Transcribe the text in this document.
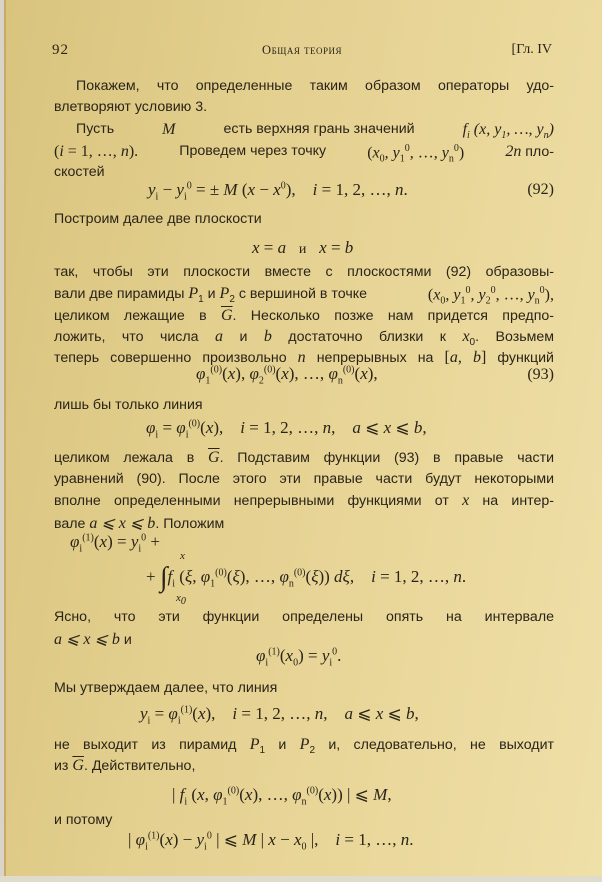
92	Общая теория	[Гл. IV
Покажем, что определенные таким образом операторы удо-
влетворяют условию 3.
Пусть	M	есть верхняя грань значений	$f_i$ (x, $y_1$, …, $y_n$)
(i = 1, …, n).	Проведем через точку	($x_0$, $y_1^0$, …, $y_n^0$)	2n пло-
скостей
$y_i - y_i^0$ = ± M $(x - x^0)$,    i = 1, 2, …, n.	(92)
Построим далее две плоскости
x = a и x = b
так, чтобы эти плоскости вместе с плоскостями (92) образовы-
вали две пирамиды $P_1$ и $P_2$ с вершиной в точке	($x_0$, $y_1^0$, $y_2^0$, …, $y_n^0$),
целиком лежащие в $\overline{G}$. Несколько позже нам придется предпо-
ложить, что числа a и b достаточно близки к $x_0$. Возьмем
теперь совершенно произвольно n непрерывных на [a, b] функций
$\varphi_1^{(0)}(x)$, $\varphi_2^{(0)}(x)$, …, $\varphi_n^{(0)}(x)$,	(93)
лишь бы только линия
$\varphi_i = \varphi_i^{(0)}(x)$,    i = 1, 2, …, n,    a ⩽ x ⩽ b,
целиком лежала в $\overline{G}$. Подставим функции (93) в правые части
уравнений (90). После этого эти правые части будут некоторыми
вполне определенными непрерывными функциями от x на интер-
вале a ⩽ x ⩽ b. Положим
$\varphi_i^{(1)}(x) = y_i^0$ +
x
+ $\int f_i$ (ξ, $\varphi_1^{(0)}(\xi)$, …, $\varphi_n^{(0)}(\xi)$) dξ,    i = 1, 2, …, n.
$x_0$
Ясно, что эти функции определены опять на интервале
a ⩽ x ⩽ b и
$\varphi_i^{(1)}(x_0) = y_i^0$.
Мы утверждаем далее, что линия
$y_i = \varphi_i^{(1)}(x)$,    i = 1, 2, …, n,    a ⩽ x ⩽ b,
не выходит из пирамид $P_1$ и $P_2$ и, следовательно, не выходит
из $\overline{G}$. Действительно,
| $f_i$ (x, $\varphi_1^{(0)}(x)$, …, $\varphi_n^{(0)}(x)$) | ⩽ M,
и потому
| $\varphi_i^{(1)}(x) - y_i^0$ | ⩽ M | $x - x_0$ |,    i = 1, …, n.
